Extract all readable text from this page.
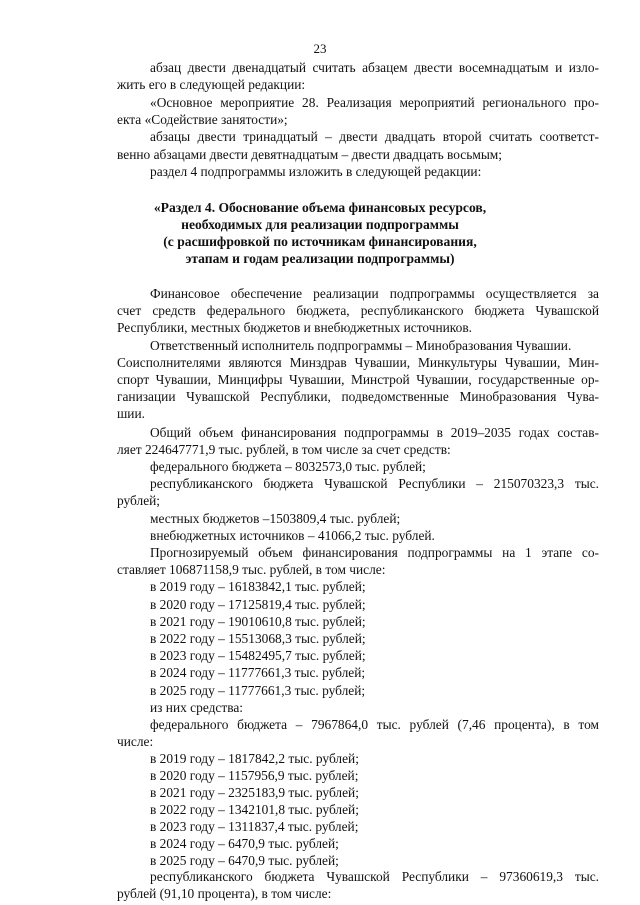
23
абзац двести двенадцатый считать абзацем двести восемнадцатым и изло-
жить его в следующей редакции:
«Основное мероприятие 28. Реализация мероприятий регионального про-
екта «Содействие занятости»;
абзацы двести тринадцатый – двести двадцать второй считать соответст-
венно абзацами двести девятнадцатым – двести двадцать восьмым;
раздел 4 подпрограммы изложить в следующей редакции:
«Раздел 4. Обоснование объема финансовых ресурсов,
необходимых для реализации подпрограммы
(с расшифровкой по источникам финансирования,
этапам и годам реализации подпрограммы)
Финансовое обеспечение реализации подпрограммы осуществляется за
счет средств федерального бюджета, республиканского бюджета Чувашской
Республики, местных бюджетов и внебюджетных источников.
Ответственный исполнитель подпрограммы – Минобразования Чувашии.
Соисполнителями являются Минздрав Чувашии, Минкультуры Чувашии, Мин-
спорт Чувашии, Минцифры Чувашии, Минстрой Чувашии, государственные ор-
ганизации Чувашской Республики, подведомственные Минобразования Чува-
шии.
Общий объем финансирования подпрограммы в 2019–2035 годах состав-
ляет 224647771,9 тыс. рублей, в том числе за счет средств:
федерального бюджета – 8032573,0 тыс. рублей;
республиканского бюджета Чувашской Республики – 215070323,3 тыс.
рублей;
местных бюджетов –1503809,4 тыс. рублей;
внебюджетных источников – 41066,2 тыс. рублей.
Прогнозируемый объем финансирования подпрограммы на 1 этапе со-
ставляет 106871158,9 тыс. рублей, в том числе:
в 2019 году – 16183842,1 тыс. рублей;
в 2020 году – 17125819,4 тыс. рублей;
в 2021 году – 19010610,8 тыс. рублей;
в 2022 году – 15513068,3 тыс. рублей;
в 2023 году – 15482495,7 тыс. рублей;
в 2024 году – 11777661,3 тыс. рублей;
в 2025 году – 11777661,3 тыс. рублей;
из них средства:
федерального бюджета – 7967864,0 тыс. рублей (7,46 процента), в том
числе:
в 2019 году – 1817842,2 тыс. рублей;
в 2020 году – 1157956,9 тыс. рублей;
в 2021 году – 2325183,9 тыс. рублей;
в 2022 году – 1342101,8 тыс. рублей;
в 2023 году – 1311837,4 тыс. рублей;
в 2024 году – 6470,9 тыс. рублей;
в 2025 году – 6470,9 тыс. рублей;
республиканского бюджета Чувашской Республики – 97360619,3 тыс.
рублей (91,10 процента), в том числе:
